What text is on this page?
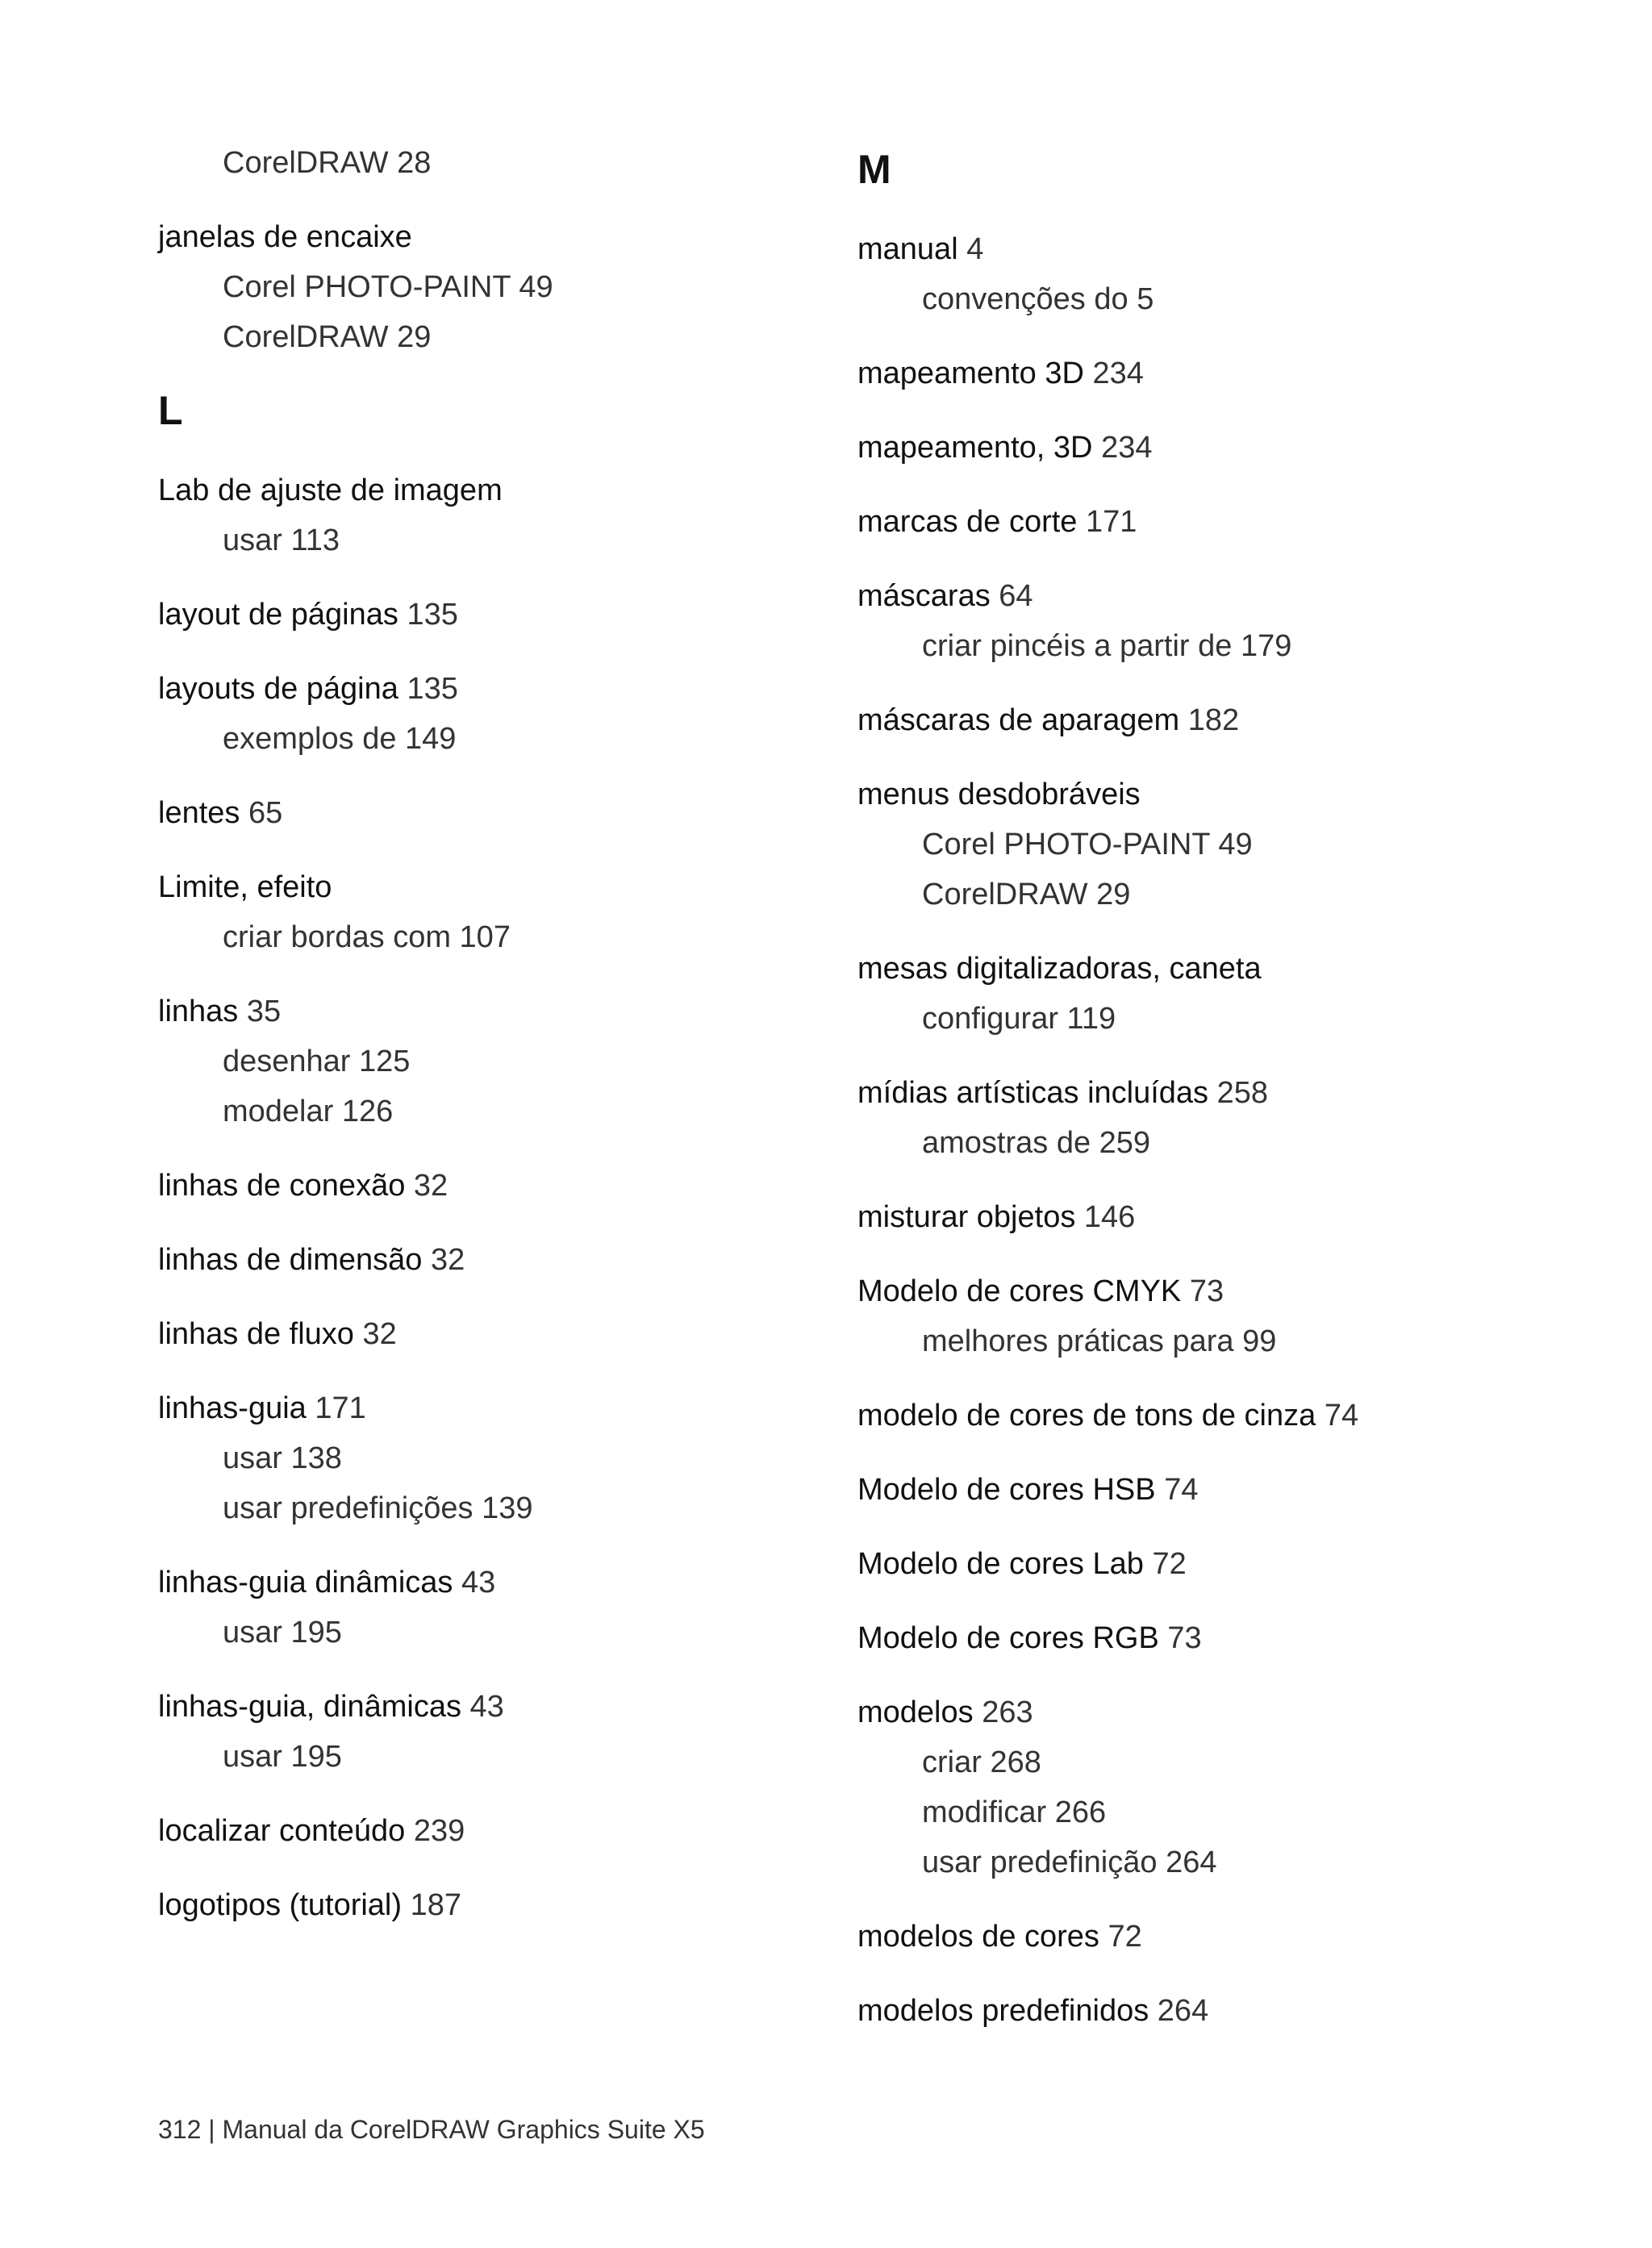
CorelDRAW 28
janelas de encaixe
Corel PHOTO-PAINT 49
CorelDRAW 29
L
Lab de ajuste de imagem
usar 113
layout de páginas 135
layouts de página 135
exemplos de 149
lentes 65
Limite, efeito
criar bordas com 107
linhas 35
desenhar 125
modelar 126
linhas de conexão 32
linhas de dimensão 32
linhas de fluxo 32
linhas-guia 171
usar 138
usar predefinições 139
linhas-guia dinâmicas 43
usar 195
linhas-guia, dinâmicas 43
usar 195
localizar conteúdo 239
logotipos (tutorial) 187
M
manual 4
convenções do 5
mapeamento 3D 234
mapeamento, 3D 234
marcas de corte 171
máscaras 64
criar pincéis a partir de 179
máscaras de aparagem 182
menus desdobráveis
Corel PHOTO-PAINT 49
CorelDRAW 29
mesas digitalizadoras, caneta
configurar 119
mídias artísticas incluídas 258
amostras de 259
misturar objetos 146
Modelo de cores CMYK 73
melhores práticas para 99
modelo de cores de tons de cinza 74
Modelo de cores HSB 74
Modelo de cores Lab 72
Modelo de cores RGB 73
modelos 263
criar 268
modificar 266
usar predefinição 264
modelos de cores 72
modelos predefinidos 264
312 | Manual da CorelDRAW Graphics Suite X5
